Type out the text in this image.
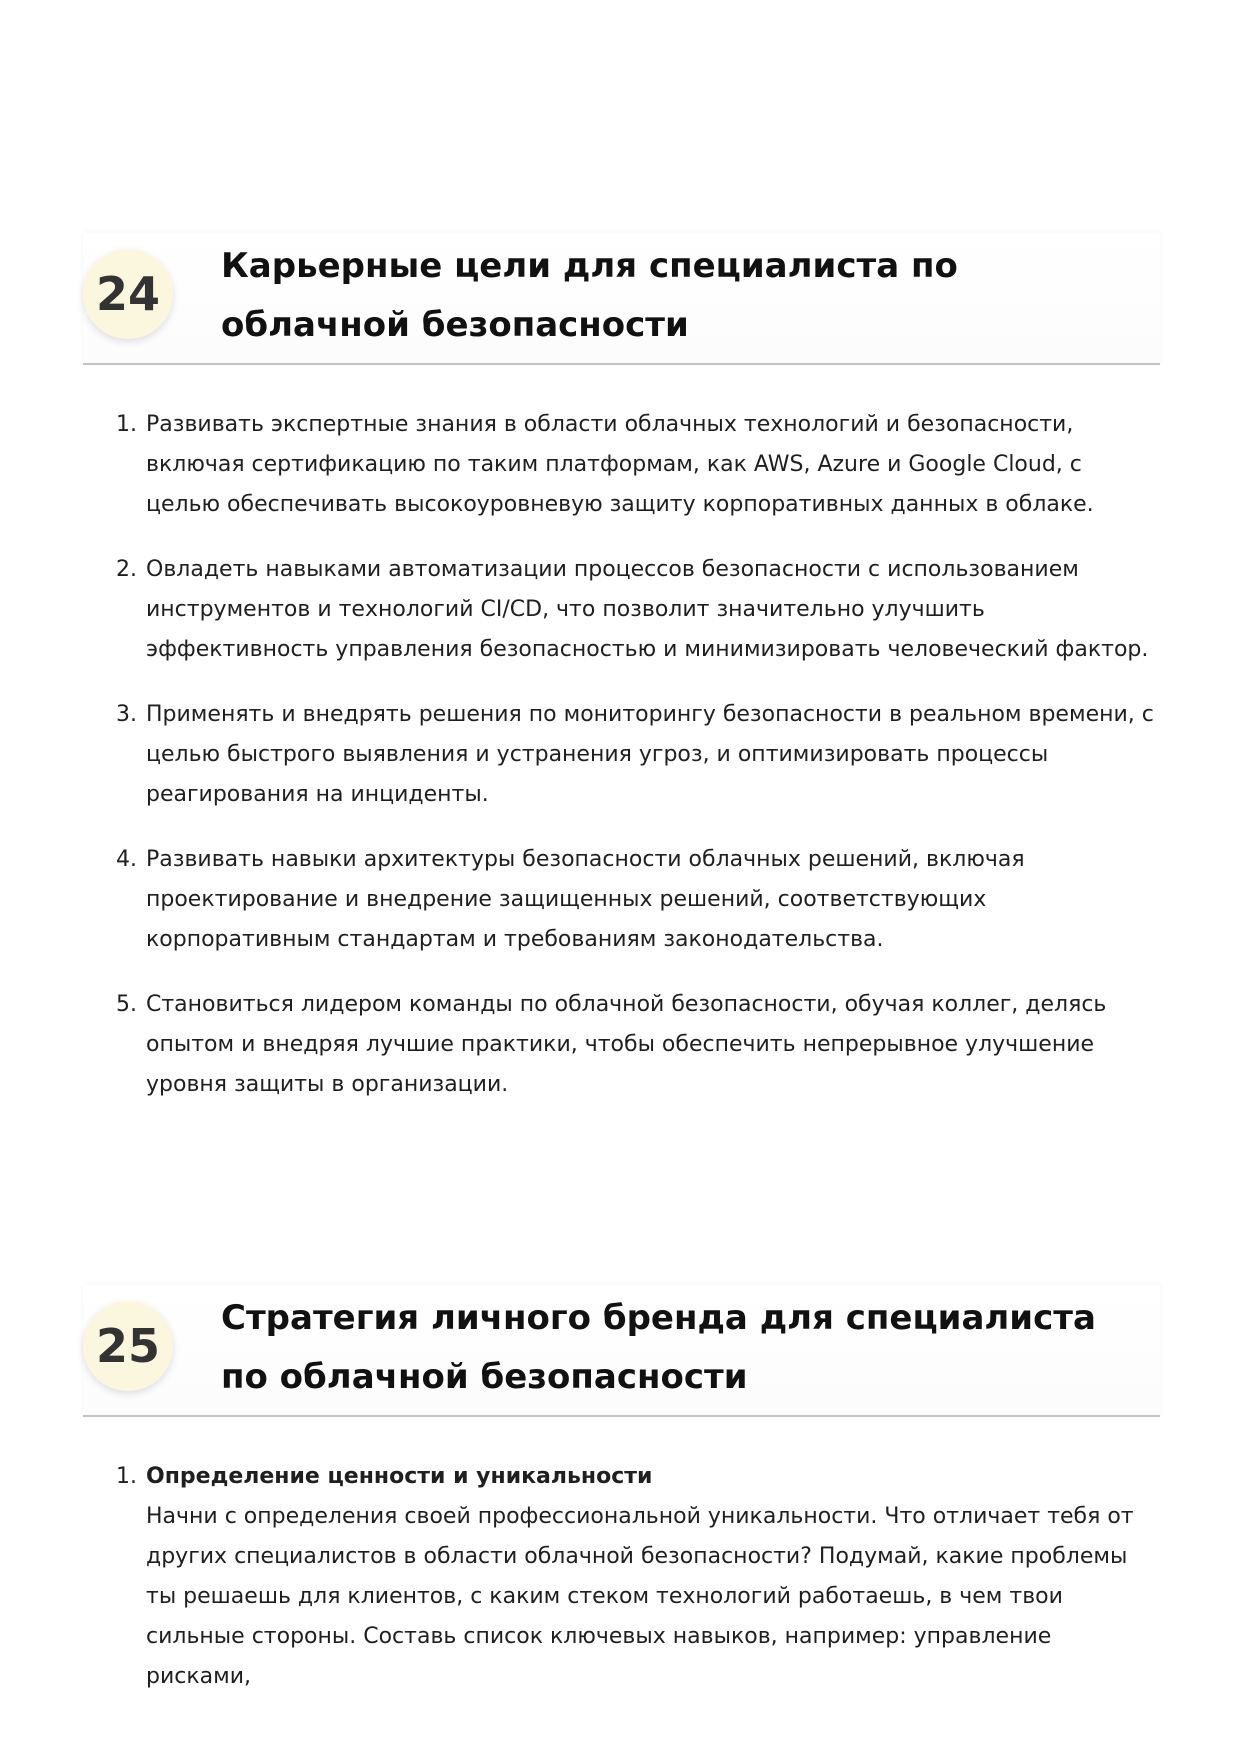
24
Карьерные цели для специалиста по облачной безопасности
1. Развивать экспертные знания в области облачных технологий и безопасности, включая сертификацию по таким платформам, как AWS, Azure и Google Cloud, с целью обеспечивать высокоуровневую защиту корпоративных данных в облаке.
2. Овладеть навыками автоматизации процессов безопасности с использованием инструментов и технологий CI/CD, что позволит значительно улучшить эффективность управления безопасностью и минимизировать человеческий фактор.
3. Применять и внедрять решения по мониторингу безопасности в реальном времени, с целью быстрого выявления и устранения угроз, и оптимизировать процессы реагирования на инциденты.
4. Развивать навыки архитектуры безопасности облачных решений, включая проектирование и внедрение защищенных решений, соответствующих корпоративным стандартам и требованиям законодательства.
5. Становиться лидером команды по облачной безопасности, обучая коллег, делясь опытом и внедряя лучшие практики, чтобы обеспечить непрерывное улучшение уровня защиты в организации.
25
Стратегия личного бренда для специалиста по облачной безопасности
1. Определение ценности и уникальности
Начни с определения своей профессиональной уникальности. Что отличает тебя от других специалистов в области облачной безопасности? Подумай, какие проблемы ты решаешь для клиентов, с каким стеком технологий работаешь, в чем твои сильные стороны. Составь список ключевых навыков, например: управление рисками,
